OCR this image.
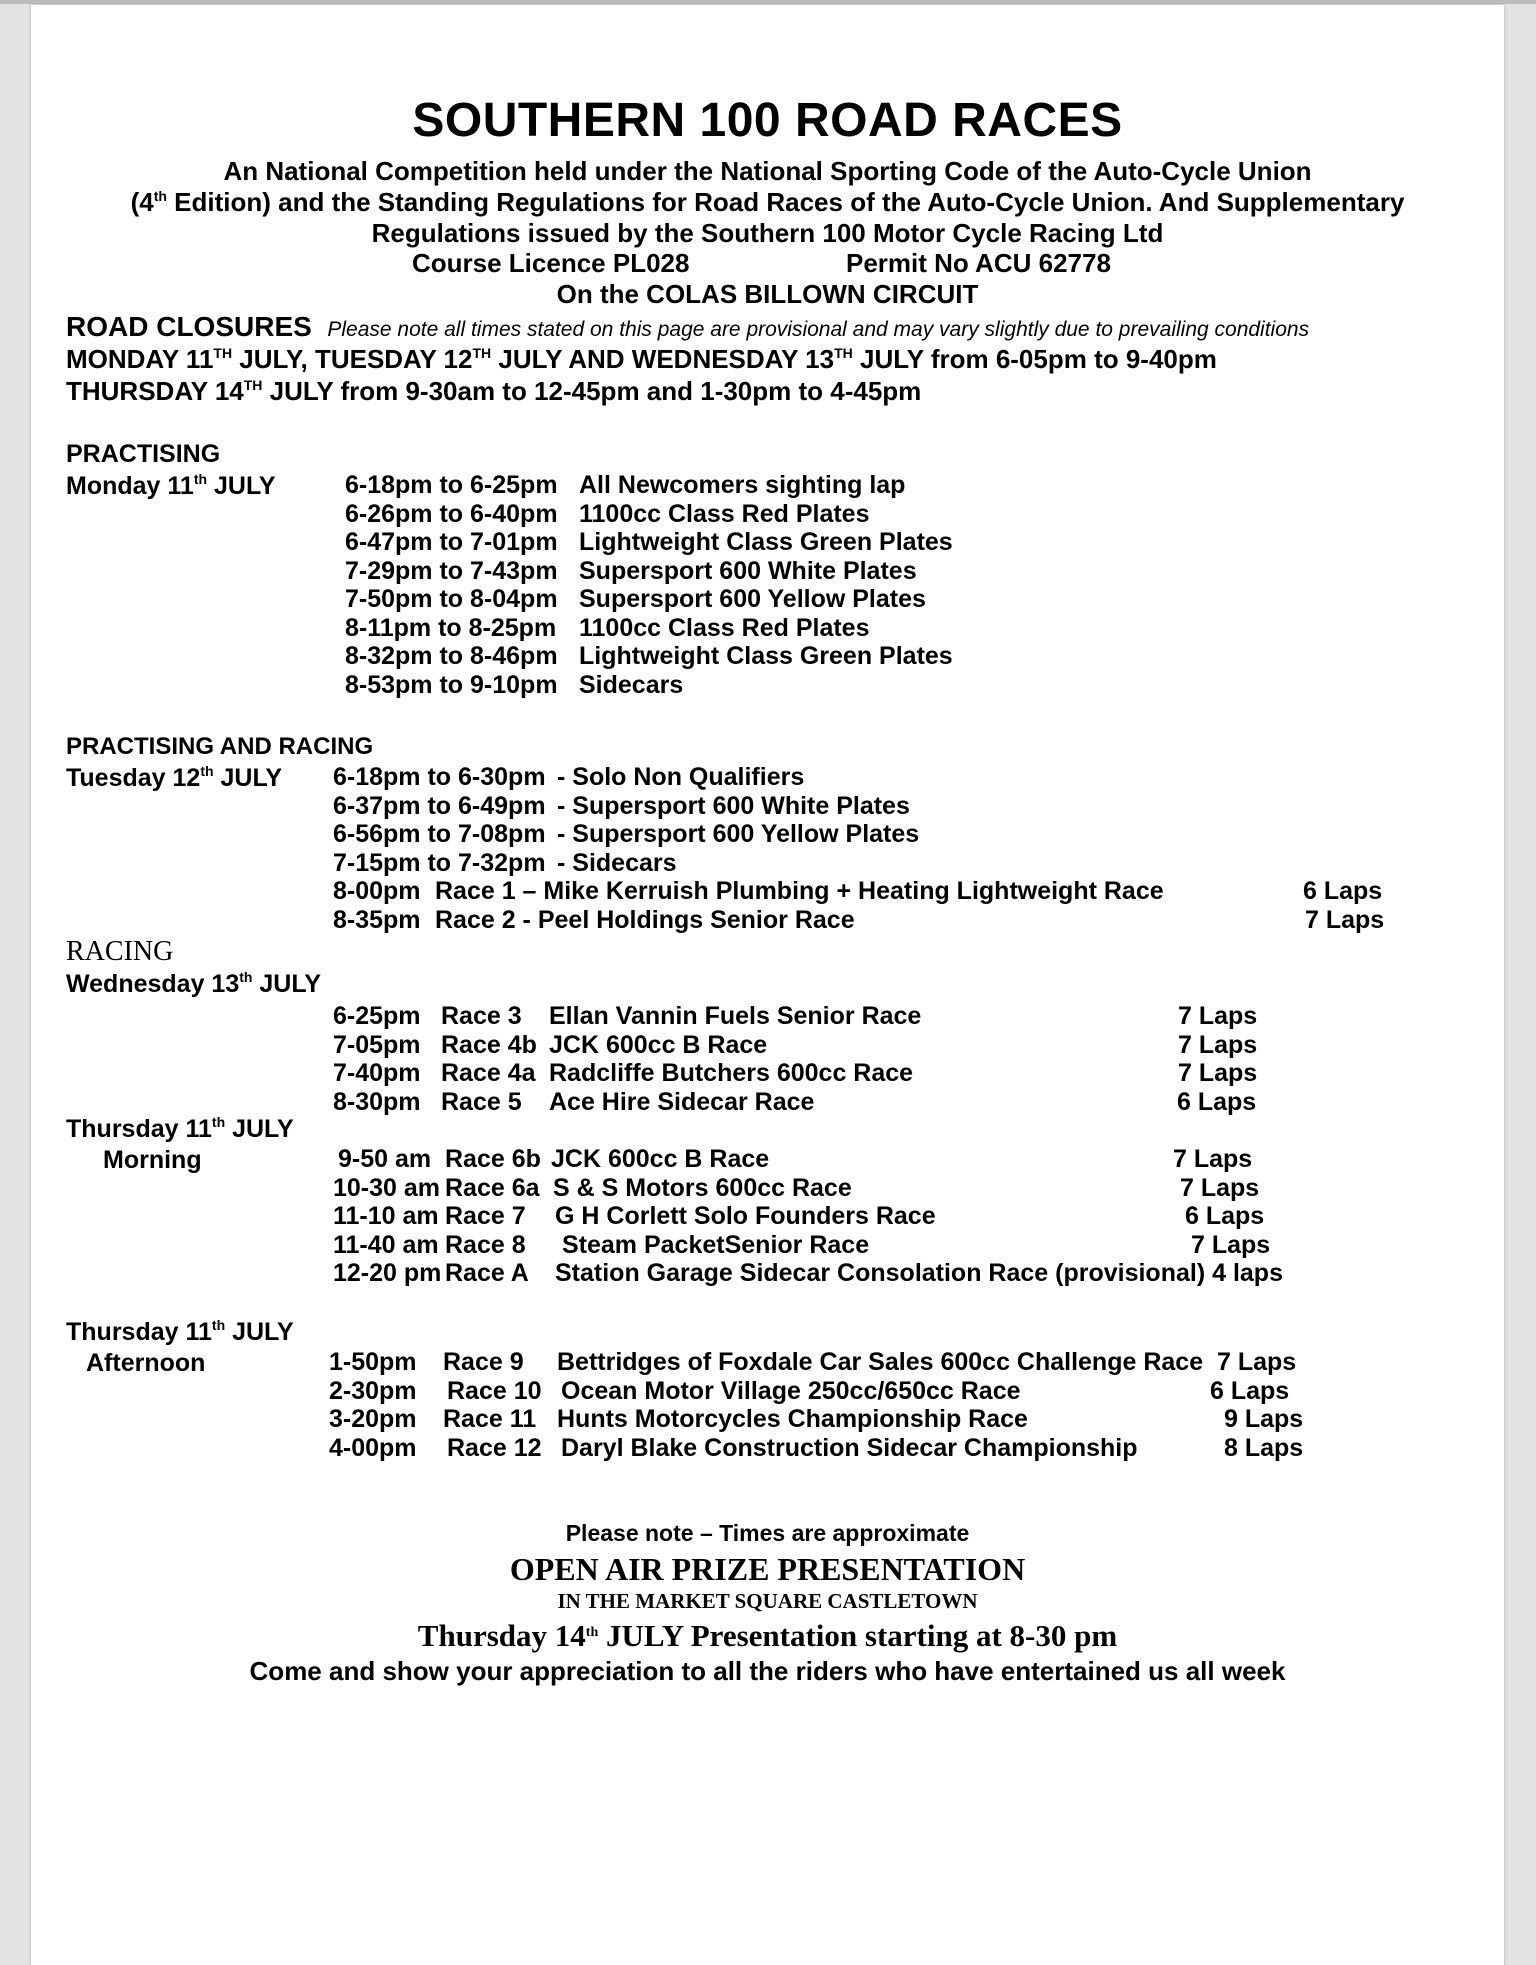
SOUTHERN 100 ROAD RACES
An National Competition held under the National Sporting Code of the Auto-Cycle Union
(4th Edition) and the Standing Regulations for Road Races of the Auto-Cycle Union. And Supplementary
Regulations issued by the Southern 100 Motor Cycle Racing Ltd
Course Licence PL028	Permit No ACU 62778
On the COLAS BILLOWN CIRCUIT
ROAD CLOSURES Please note all times stated on this page are provisional and may vary slightly due to prevailing conditions
MONDAY 11TH JULY, TUESDAY 12TH JULY AND WEDNESDAY 13TH JULY from 6-05pm to 9-40pm
THURSDAY 14TH JULY from 9-30am to 12-45pm and 1-30pm to 4-45pm
PRACTISING
Monday 11th JULY	6-18pm to 6-25pm All Newcomers sighting lap
6-26pm to 6-40pm 1100cc Class Red Plates
6-47pm to 7-01pm Lightweight Class Green Plates
7-29pm to 7-43pm Supersport 600 White Plates
7-50pm to 8-04pm Supersport 600 Yellow Plates
8-11pm to 8-25pm 1100cc Class Red Plates
8-32pm to 8-46pm Lightweight Class Green Plates
8-53pm to 9-10pm Sidecars
PRACTISING AND RACING
Tuesday 12th JULY 6-18pm to 6-30pm - Solo Non Qualifiers
6-37pm to 6-49pm - Supersport 600 White Plates
6-56pm to 7-08pm - Supersport 600 Yellow Plates
7-15pm to 7-32pm - Sidecars
8-00pm Race 1 – Mike Kerruish Plumbing + Heating Lightweight Race	6 Laps
8-35pm Race 2 - Peel Holdings Senior Race	7 Laps
RACING
Wednesday 13th JULY
6-25pm Race 3 Ellan Vannin Fuels Senior Race	7 Laps
7-05pm Race 4b JCK 600cc B Race	7 Laps
7-40pm Race 4a Radcliffe Butchers 600cc Race	7 Laps
8-30pm Race 5 Ace Hire Sidecar Race	6 Laps
Thursday 11th JULY
Morning	9-50 am Race 6b JCK 600cc B Race	7 Laps
10-30 am Race 6a S & S Motors 600cc Race	7 Laps
11-10 am Race 7 G H Corlett Solo Founders Race	6 Laps
11-40 am Race 8 Steam PacketSenior Race	7 Laps
12-20 pm Race A Station Garage Sidecar Consolation Race (provisional) 4 laps
Thursday 11th JULY
Afternoon	1-50pm Race 9 Bettridges of Foxdale Car Sales 600cc Challenge Race 7 Laps
2-30pm Race 10 Ocean Motor Village 250cc/650cc Race	6 Laps
3-20pm Race 11 Hunts Motorcycles Championship Race	9 Laps
4-00pm Race 12 Daryl Blake Construction Sidecar Championship	8 Laps
Please note – Times are approximate
OPEN AIR PRIZE PRESENTATION
IN THE MARKET SQUARE CASTLETOWN
Thursday 14th JULY Presentation starting at 8-30 pm
Come and show your appreciation to all the riders who have entertained us all week
